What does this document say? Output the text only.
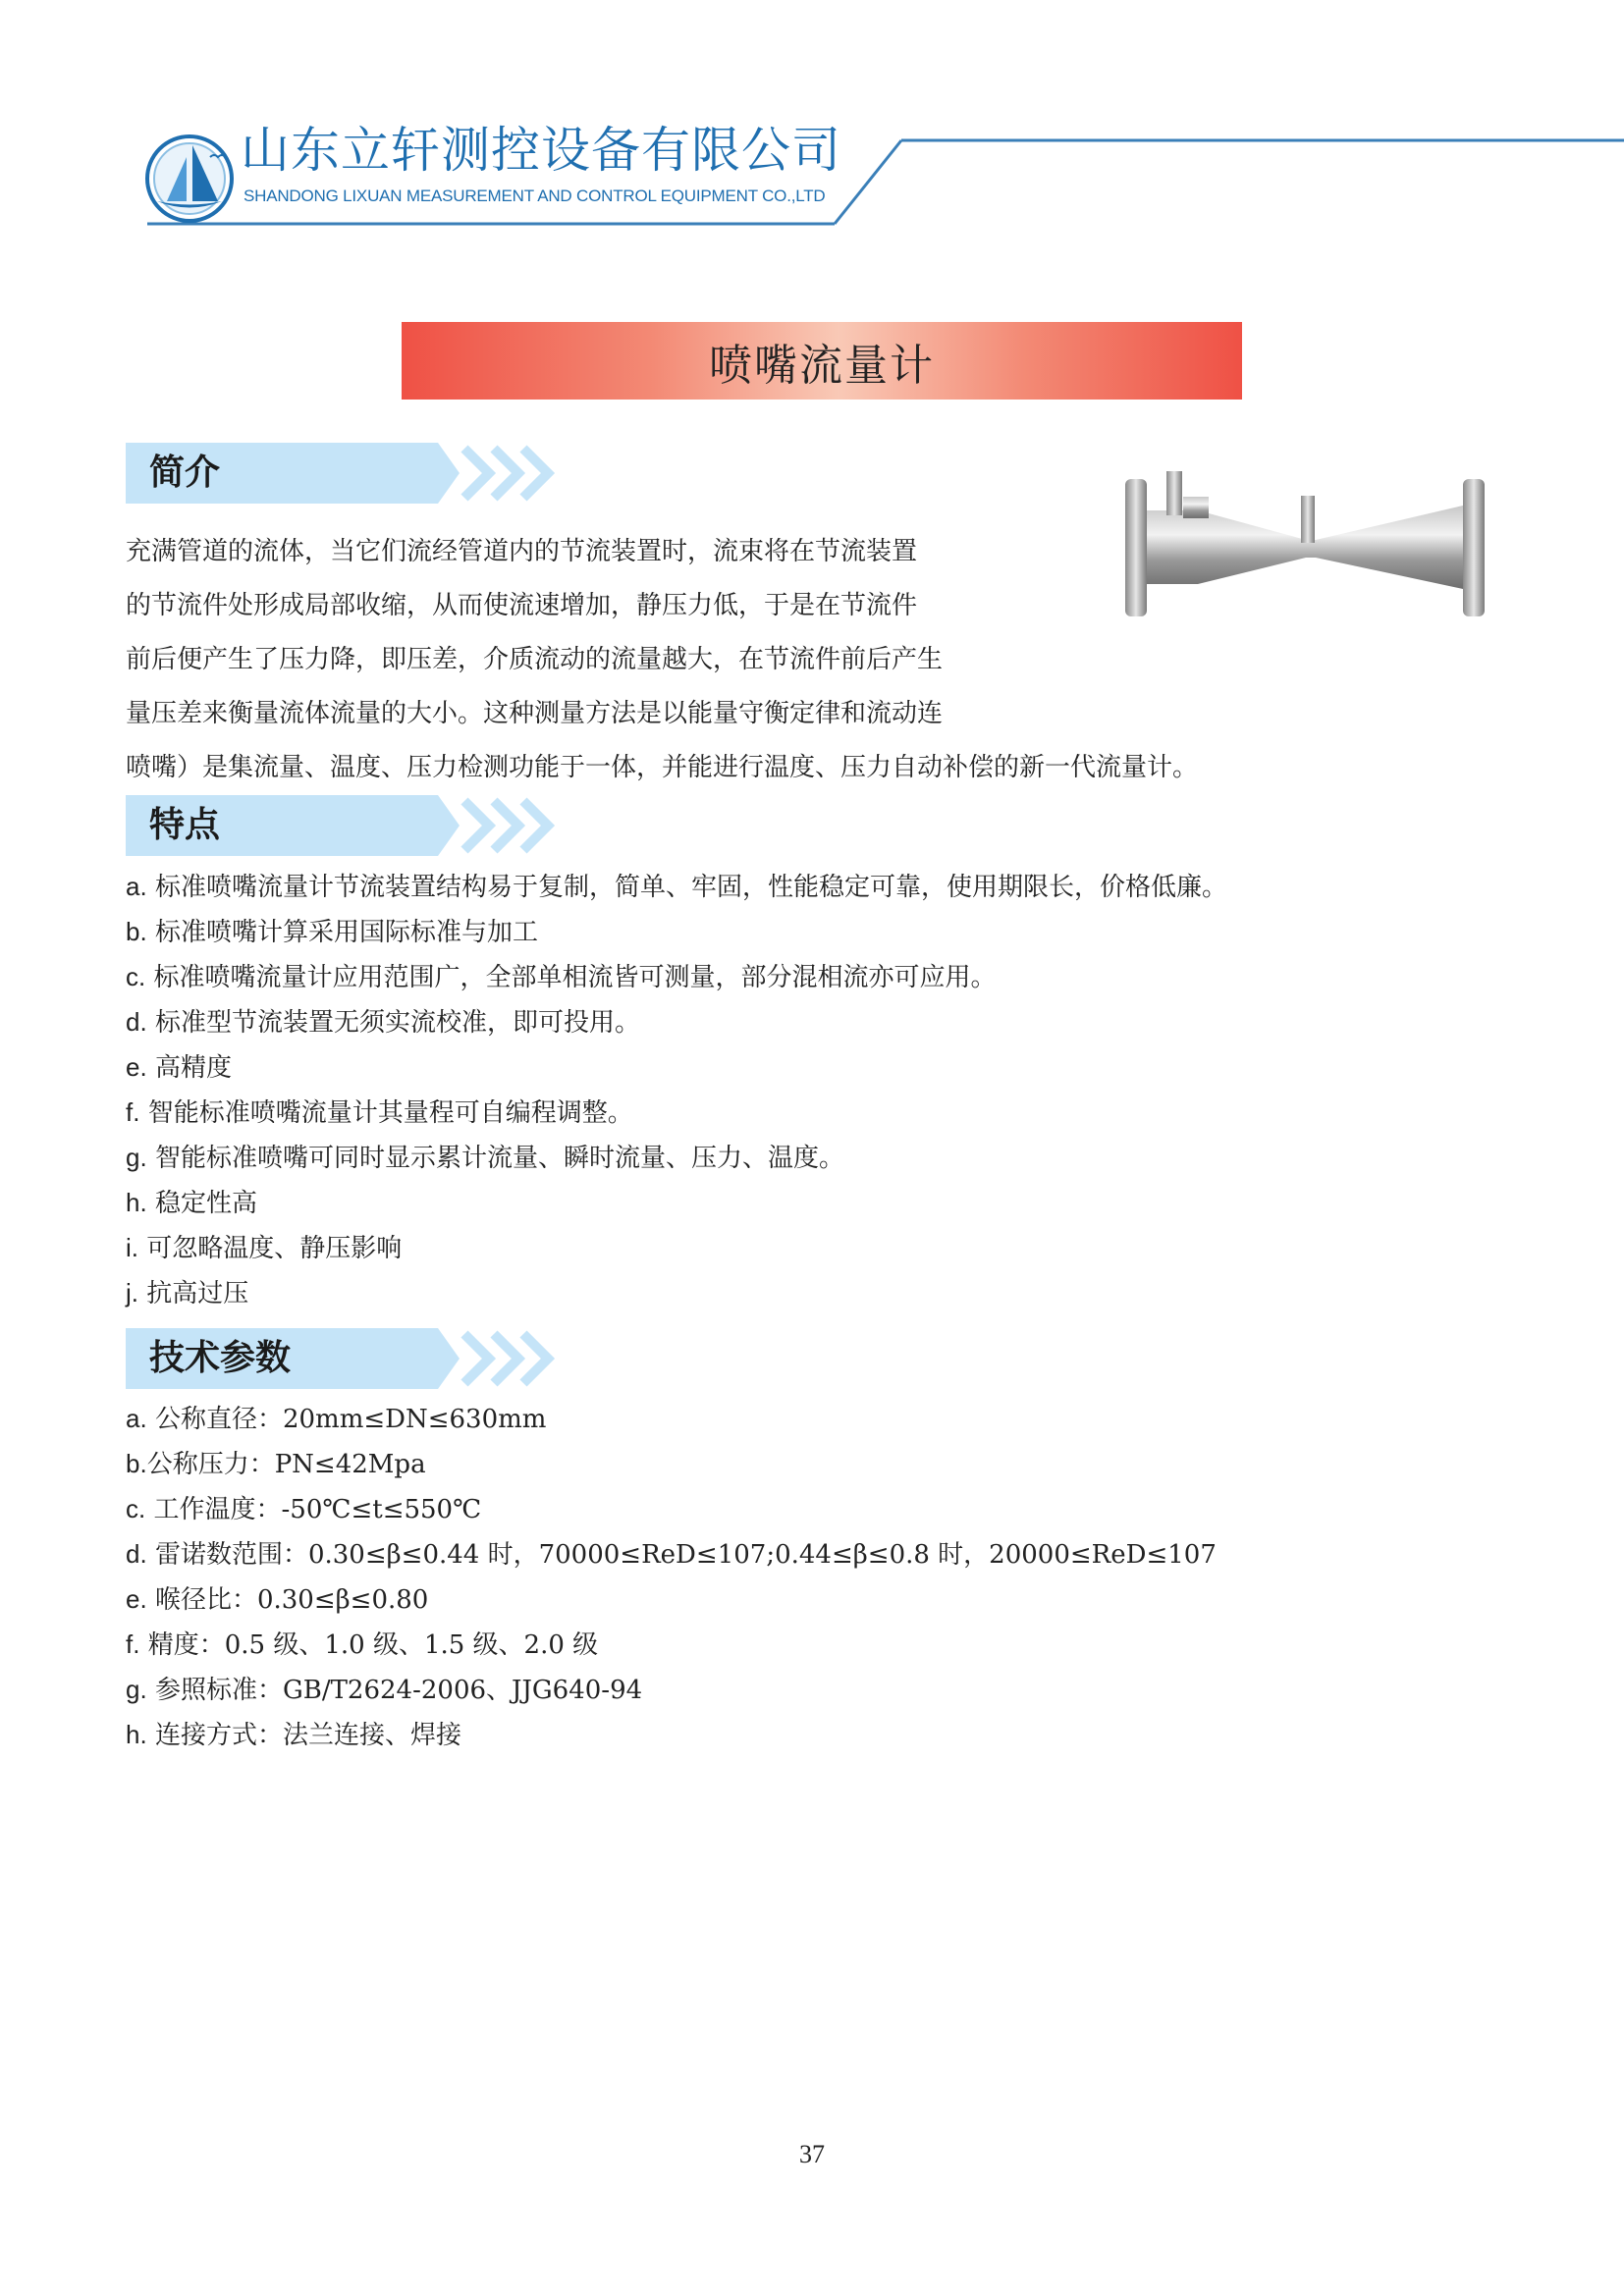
山东立轩测控设备有限公司
SHANDONG LIXUAN MEASUREMENT AND CONTROL EQUIPMENT CO.,LTD
喷嘴流量计
简介
充满管道的流体，当它们流经管道内的节流装置时，流束将在节流装置
的节流件处形成局部收缩，从而使流速增加，静压力低，于是在节流件
前后便产生了压力降，即压差，介质流动的流量越大，在节流件前后产生
量压差来衡量流体流量的大小。这种测量方法是以能量守衡定律和流动连
喷嘴）是集流量、温度、压力检测功能于一体，并能进行温度、压力自动补偿的新一代流量计。
特点
a. 标准喷嘴流量计节流装置结构易于复制，简单、牢固，性能稳定可靠，使用期限长，价格低廉。
b. 标准喷嘴计算采用国际标准与加工
c. 标准喷嘴流量计应用范围广，全部单相流皆可测量，部分混相流亦可应用。
d. 标准型节流装置无须实流校准，即可投用。
e. 高精度
f. 智能标准喷嘴流量计其量程可自编程调整。
g. 智能标准喷嘴可同时显示累计流量、瞬时流量、压力、温度。
h. 稳定性高
i. 可忽略温度、静压影响
j. 抗高过压
技术参数
a. 公称直径：20mm≤DN≤630mm
b.公称压力：PN≤42Mpa
c. 工作温度：-50℃≤t≤550℃
d. 雷诺数范围：0.30≤β≤0.44 时，70000≤ReD≤107;0.44≤β≤0.8 时，20000≤ReD≤107
e. 喉径比：0.30≤β≤0.80
f. 精度：0.5 级、1.0 级、1.5 级、2.0 级
g. 参照标准：GB/T2624-2006、JJG640-94
h. 连接方式：法兰连接、焊接
37
